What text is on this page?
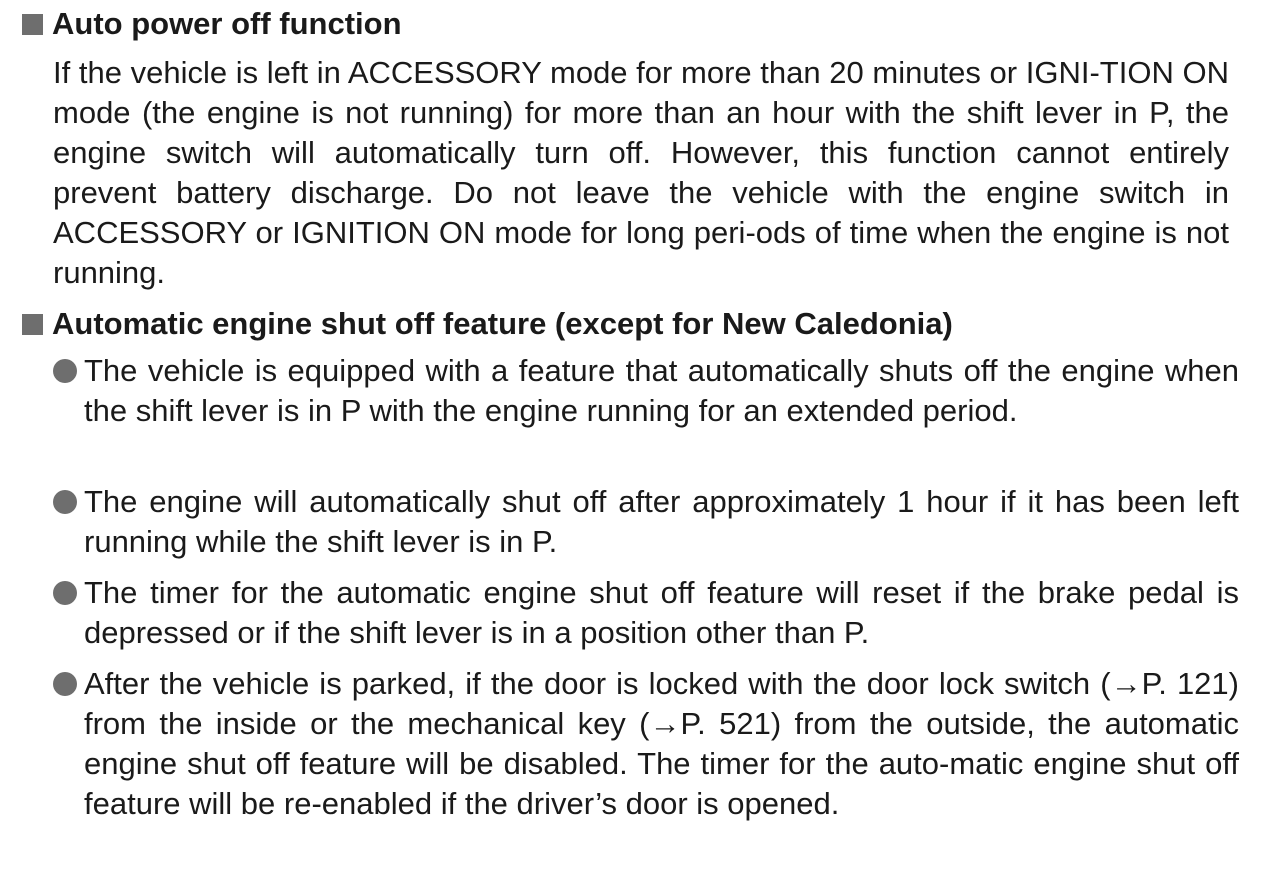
Auto power off function

If the vehicle is left in ACCESSORY mode for more than 20 minutes or IGNI-TION ON mode (the engine is not running) for more than an hour with the shift lever in P, the engine switch will automatically turn off. However, this function cannot entirely prevent battery discharge. Do not leave the vehicle with the engine switch in ACCESSORY or IGNITION ON mode for long peri-ods of time when the engine is not running.

Automatic engine shut off feature (except for New Caledonia)

The vehicle is equipped with a feature that automatically shuts off the engine when the shift lever is in P with the engine running for an extended period.

The engine will automatically shut off after approximately 1 hour if it has been left running while the shift lever is in P.

The timer for the automatic engine shut off feature will reset if the brake pedal is depressed or if the shift lever is in a position other than P.

After the vehicle is parked, if the door is locked with the door lock switch (→P. 121) from the inside or the mechanical key (→P. 521) from the outside, the automatic engine shut off feature will be disabled. The timer for the auto-matic engine shut off feature will be re-enabled if the driver’s door is opened.
